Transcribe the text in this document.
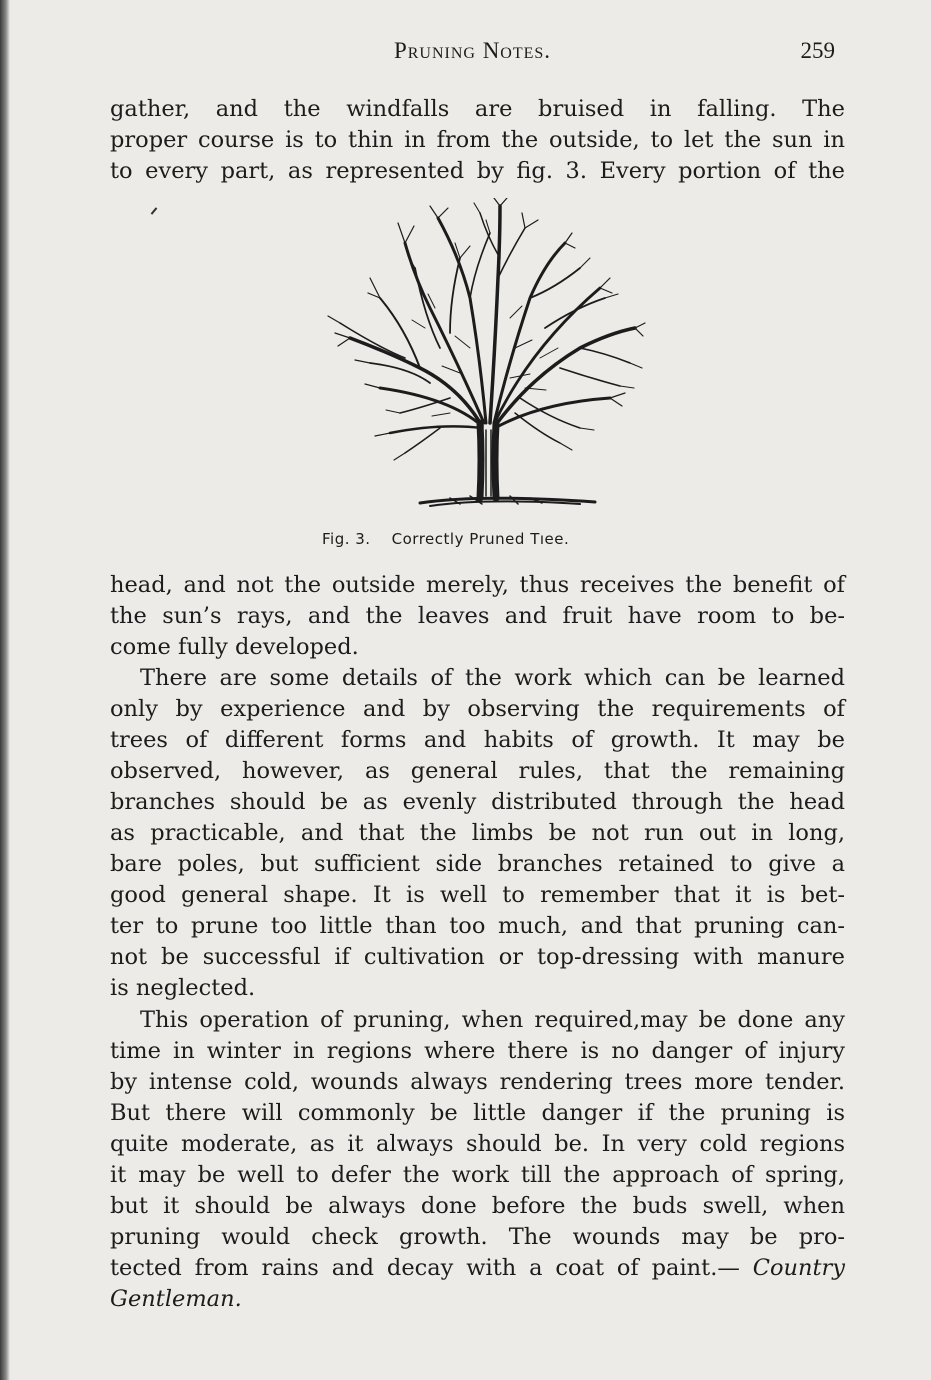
Pruning Notes.	259
gather, and the windfalls are bruised in falling. The
proper course is to thin in from the outside, to let the sun in
to every part, as represented by fig. 3. Every portion of the
Fig. 3. Correctly Pruned Tıee.
head, and not the outside merely, thus receives the benefit of
the sun’s rays, and the leaves and fruit have room to be-
come fully developed.
There are some details of the work which can be learned
only by experience and by observing the requirements of
trees of different forms and habits of growth. It may be
observed, however, as general rules, that the remaining
branches should be as evenly distributed through the head
as practicable, and that the limbs be not run out in long,
bare poles, but sufficient side branches retained to give a
good general shape. It is well to remember that it is bet-
ter to prune too little than too much, and that pruning can-
not be successful if cultivation or top-dressing with manure
is neglected.
This operation of pruning, when required,may be done any
time in winter in regions where there is no danger of injury
by intense cold, wounds always rendering trees more tender.
But there will commonly be little danger if the pruning is
quite moderate, as it always should be. In very cold regions
it may be well to defer the work till the approach of spring,
but it should be always done before the buds swell, when
pruning would check growth. The wounds may be pro-
tected from rains and decay with a coat of paint.— Country
Gentleman.
